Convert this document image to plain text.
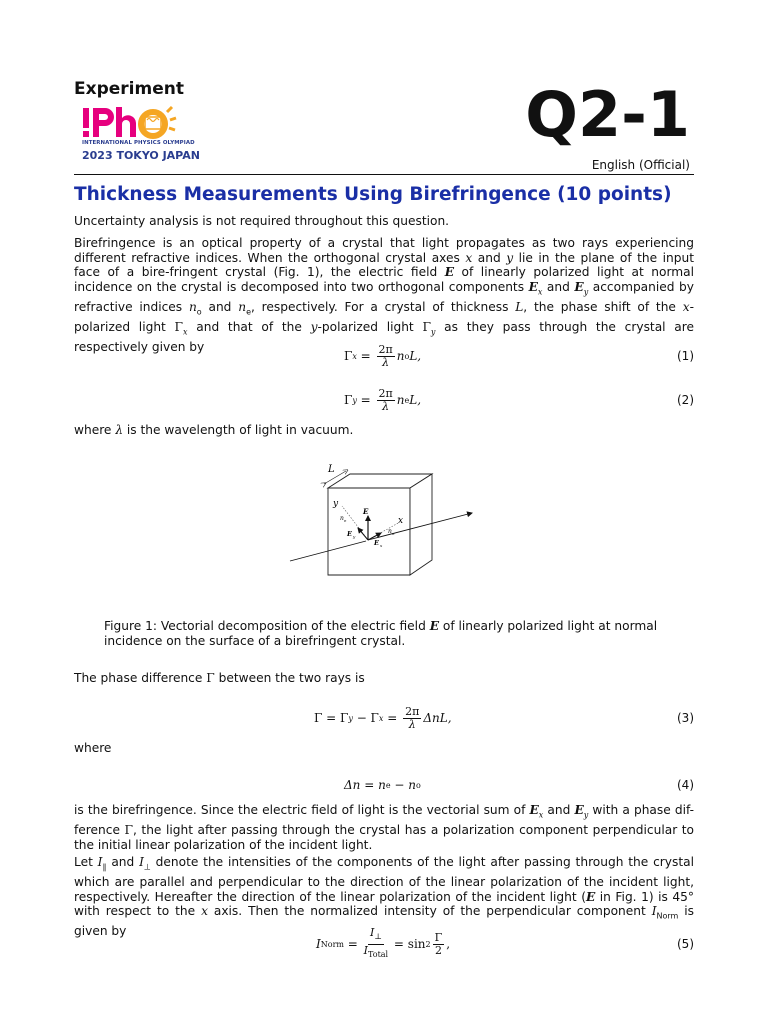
Experiment
INTERNATIONAL PHYSICS OLYMPIAD
2023 TOKYO JAPAN
Q2-1
English (Official)
Thickness Measurements Using Birefringence (10 points)
Uncertainty analysis is not required throughout this question.
Birefringence is an optical property of a crystal that light propagates as two rays experiencing different refractive indices. When the orthogonal crystal axes x and y lie in the plane of the input face of a bire-fringent crystal (Fig. 1), the electric field E of linearly polarized light at normal incidence on the crystal is decomposed into two orthogonal components $E_x$ and $E_y$ accompanied by refractive indices $n_o$ and $n_e$, respectively. For a crystal of thickness L, the phase shift of the x-polarized light $\Gamma_x$ and that of the y-polarized light $\Gamma_y$ as they pass through the crystal are respectively given by
Γ $x = \frac{2\pi}{\lambda}$ n o L,	(1)
Γ $y = \frac{2\pi}{\lambda}$ n e L,	(2)
where λ is the wavelength of light in vacuum.
L
y
x
E
E y
E x
n e
n o
Figure 1: Vectorial decomposition of the electric field E of linearly polarized light at normal incidence on the surface of a birefringent crystal.
The phase difference Γ between the two rays is
Γ = Γ y − Γ $x = \frac{2\pi}{\lambda} \Delta nL$,	(3)
where
Δn = n e − n o	(4)
is the birefringence. Since the electric field of light is the vectorial sum of $E_x$ and $E_y$ with a phase dif-ference Γ, the light after passing through the crystal has a polarization component perpendicular to the initial linear polarization of the incident light.
Let $I_\parallel$ and $I_\perp$ denote the intensities of the components of the light after passing through the crystal which are parallel and perpendicular to the direction of the linear polarization of the incident light, respectively. Hereafter the direction of the linear polarization of the incident light (E in Fig. 1) is 45° with respect to the x axis. Then the normalized intensity of the perpendicular component $I_{Norm}$ is given by
I Norm = $\frac{I_\perp}{I_{Total}} = \sin 2 \frac{\Gamma}{2}$ ,	(5)
